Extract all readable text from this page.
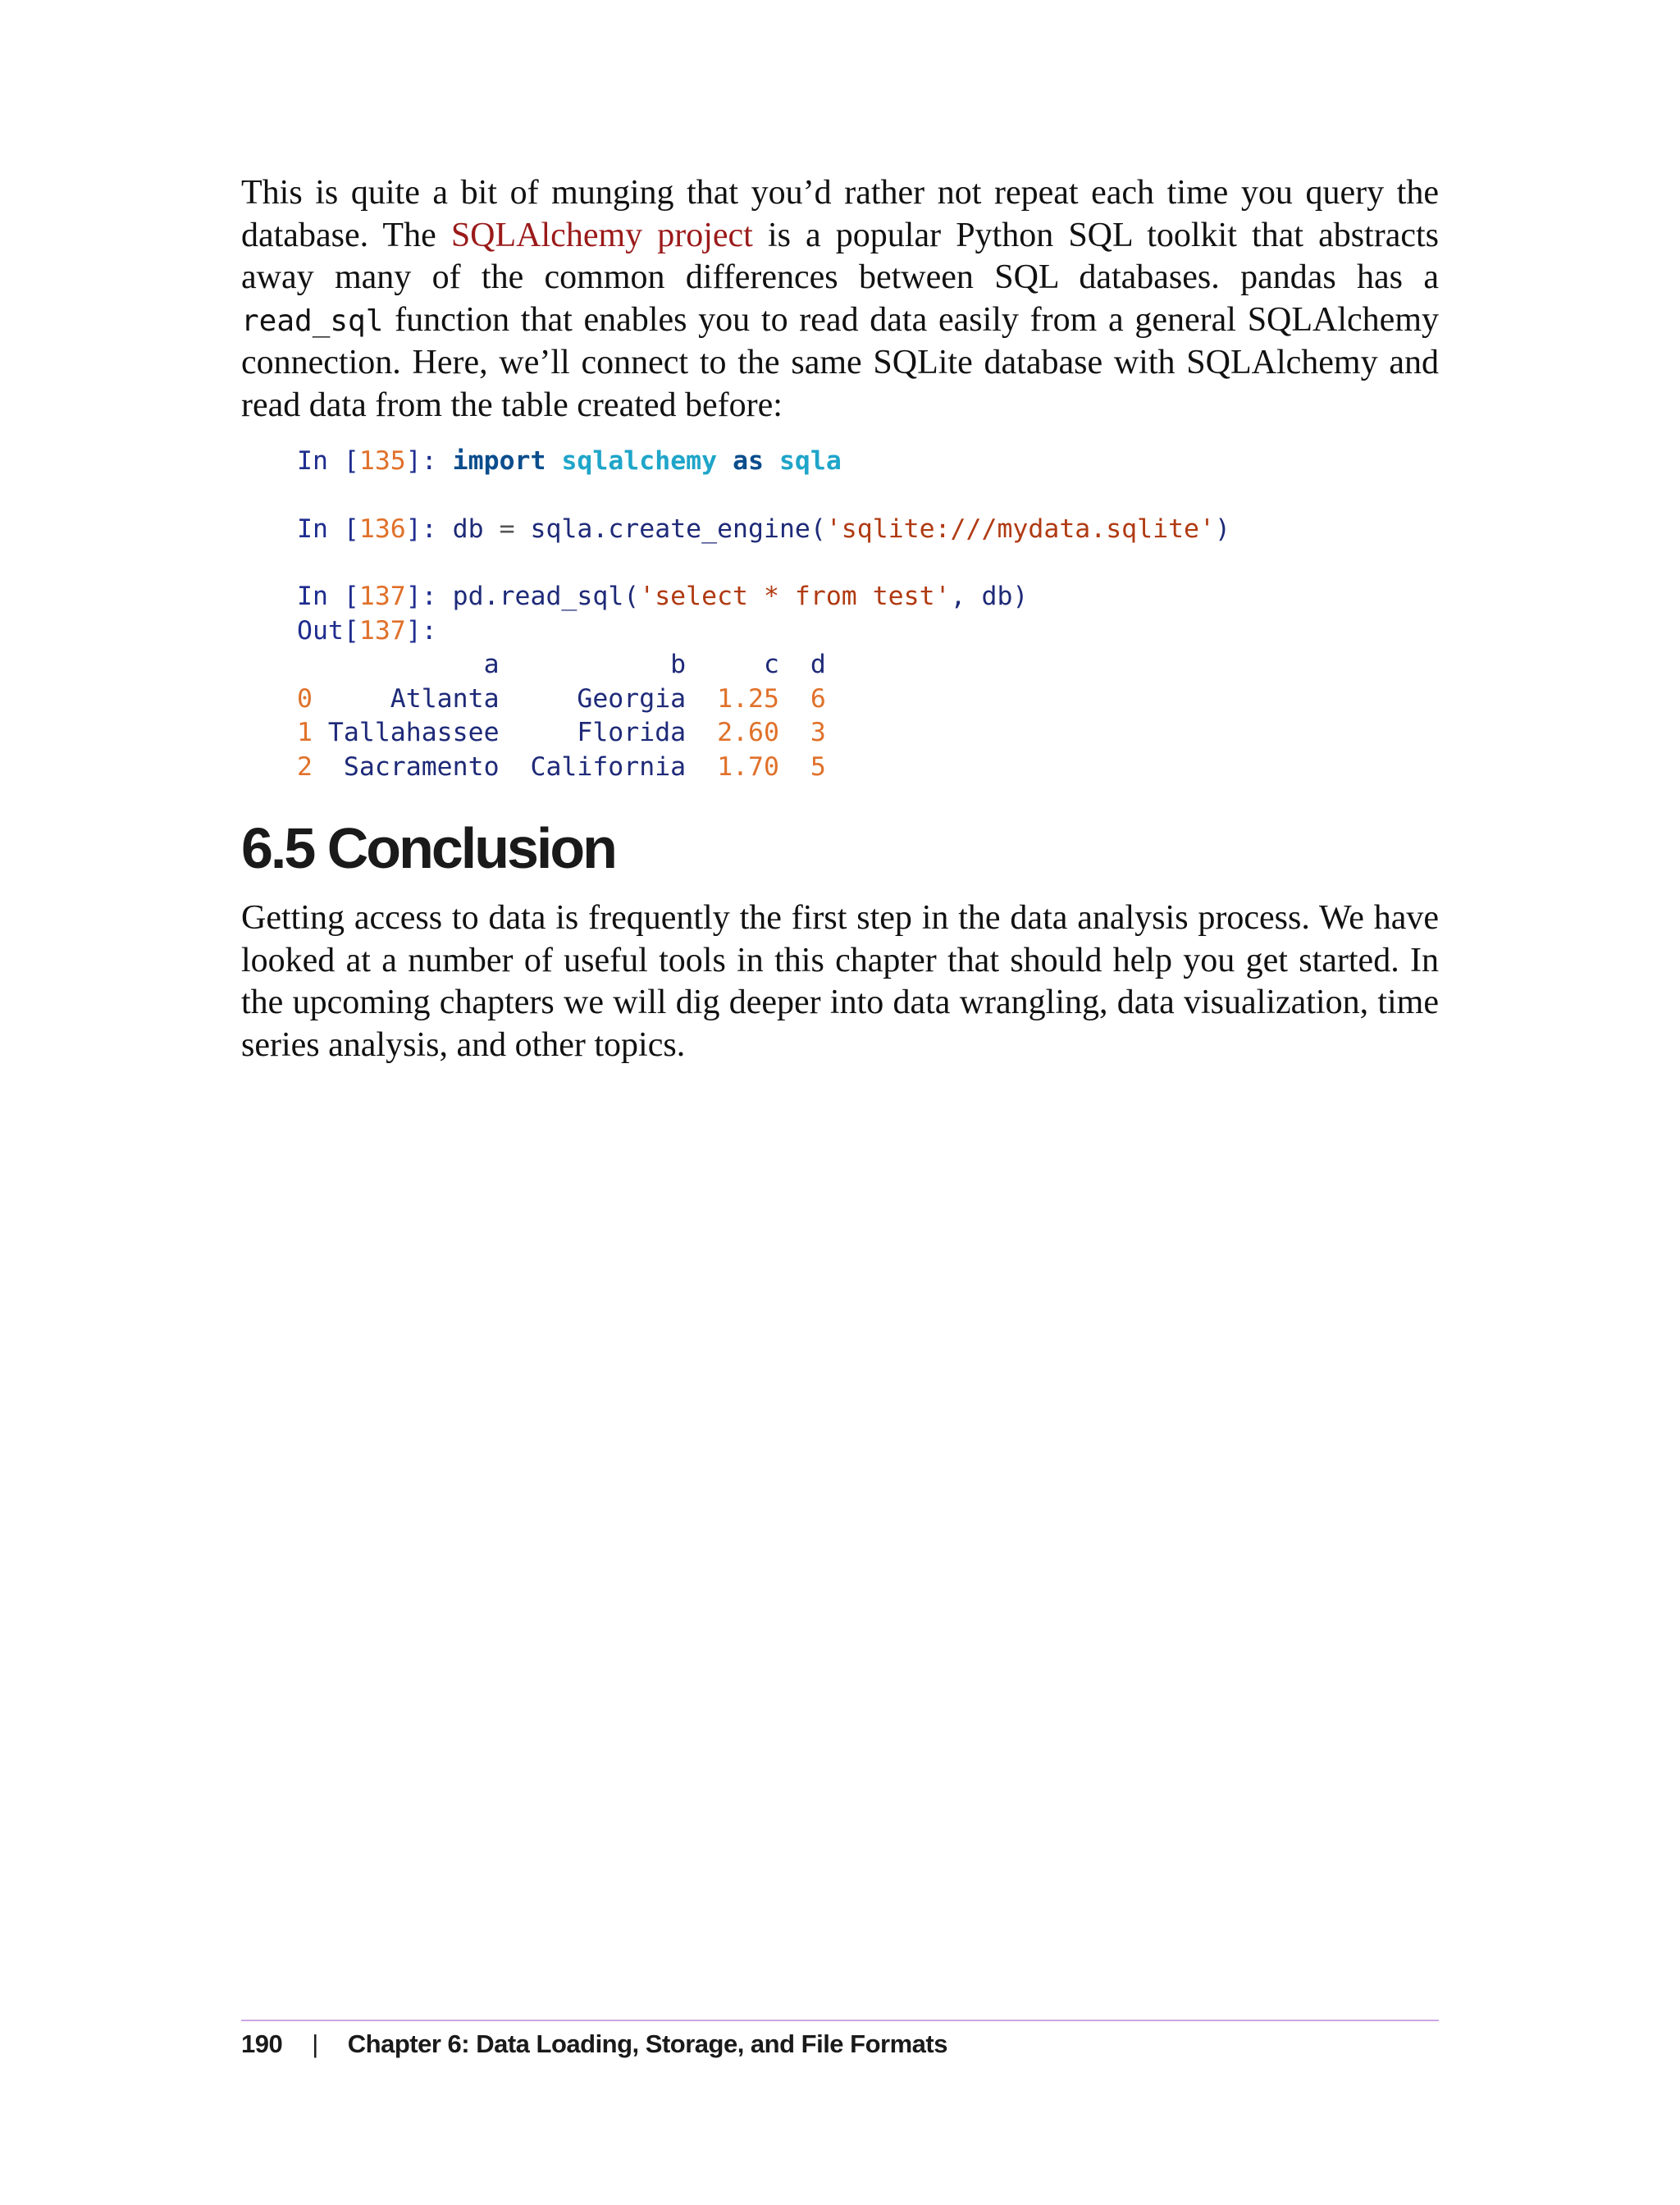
This is quite a bit of munging that you’d rather not repeat each time you query the database. The SQLAlchemy project is a popular Python SQL toolkit that abstracts away many of the common differences between SQL databases. pandas has a read_sql function that enables you to read data easily from a general SQLAlchemy connection. Here, we’ll connect to the same SQLite database with SQLAlchemy and read data from the table created before:

In [135]: import sqlalchemy as sqla
In [136]: db = sqla.create_engine('sqlite:///mydata.sqlite')
In [137]: pd.read_sql('select * from test', db)
Out[137]:
a           b     c  d
0     Atlanta     Georgia 1.25 6
1 Tallahassee     Florida 2.60 3
2  Sacramento  California 1.70 5
6.5 Conclusion

Getting access to data is frequently the first step in the data analysis process. We have looked at a number of useful tools in this chapter that should help you get started. In the upcoming chapters we will dig deeper into data wrangling, data visualization, time series analysis, and other topics.

190 | Chapter 6: Data Loading, Storage, and File Formats
